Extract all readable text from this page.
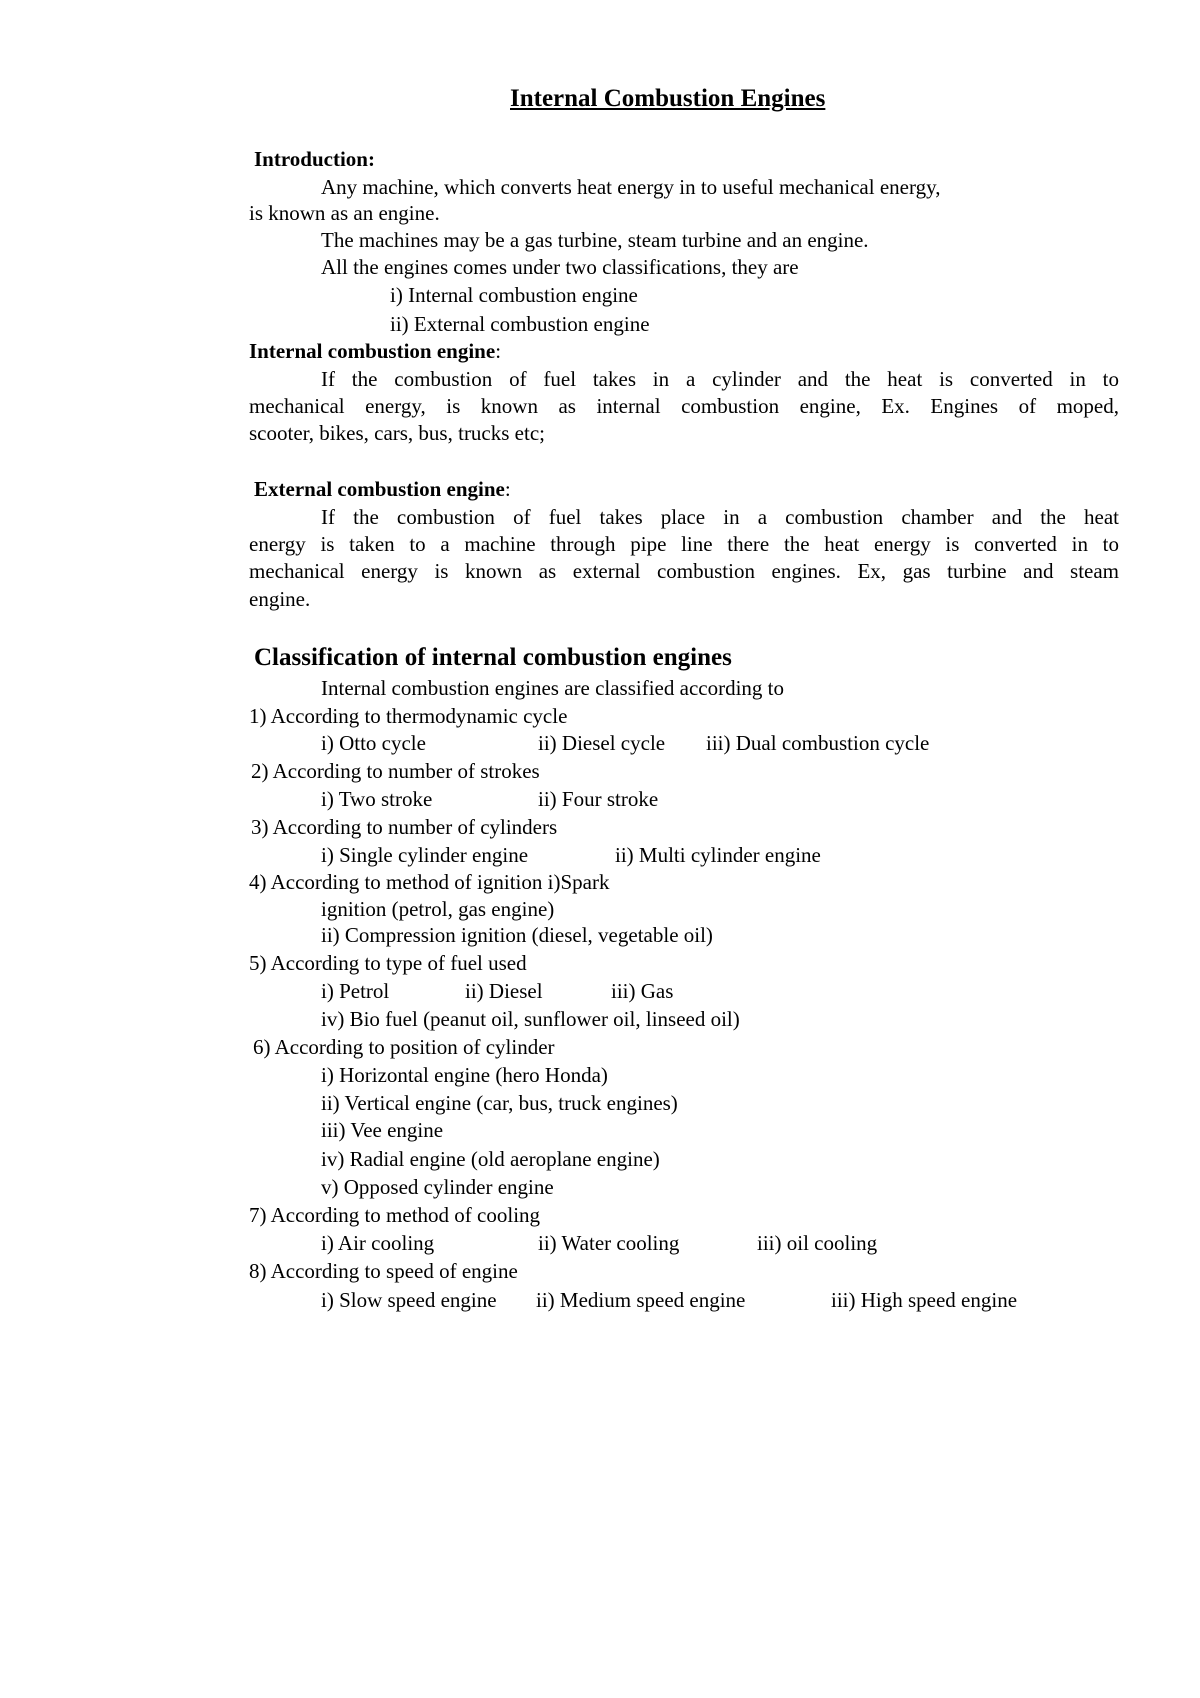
Internal Combustion Engines
Introduction:
Any machine, which converts heat energy in to useful mechanical energy,
is known as an engine.
The machines may be a gas turbine, steam turbine and an engine.
All the engines comes under two classifications, they are
i) Internal combustion engine
ii) External combustion engine
Internal combustion engine:
If the combustion of fuel takes in a cylinder and the heat is converted in to
mechanical energy, is known as internal combustion engine, Ex. Engines of moped,
scooter, bikes, cars, bus, trucks etc;
External combustion engine:
If the combustion of fuel takes place in a combustion chamber and the heat
energy is taken to a machine through pipe line there the heat energy is converted in to
mechanical energy is known as external combustion engines. Ex, gas turbine and steam
engine.
Classification of internal combustion engines
Internal combustion engines are classified according to
1) According to thermodynamic cycle
i) Otto cycle	ii) Diesel cycle iii) Dual combustion cycle
2) According to number of strokes
i) Two stroke	ii) Four stroke
3) According to number of cylinders
i) Single cylinder engine	ii) Multi cylinder engine
4) According to method of ignition i)Spark
ignition (petrol, gas engine)
ii) Compression ignition (diesel, vegetable oil)
5) According to type of fuel used
i) Petrol	ii) Diesel	iii) Gas
iv) Bio fuel (peanut oil, sunflower oil, linseed oil)
6) According to position of cylinder
i) Horizontal engine (hero Honda)
ii) Vertical engine (car, bus, truck engines)
iii) Vee engine
iv) Radial engine (old aeroplane engine)
v) Opposed cylinder engine
7) According to method of cooling
i) Air cooling	ii) Water cooling	iii) oil cooling
8) According to speed of engine
i) Slow speed engine ii) Medium speed engine	iii) High speed engine
